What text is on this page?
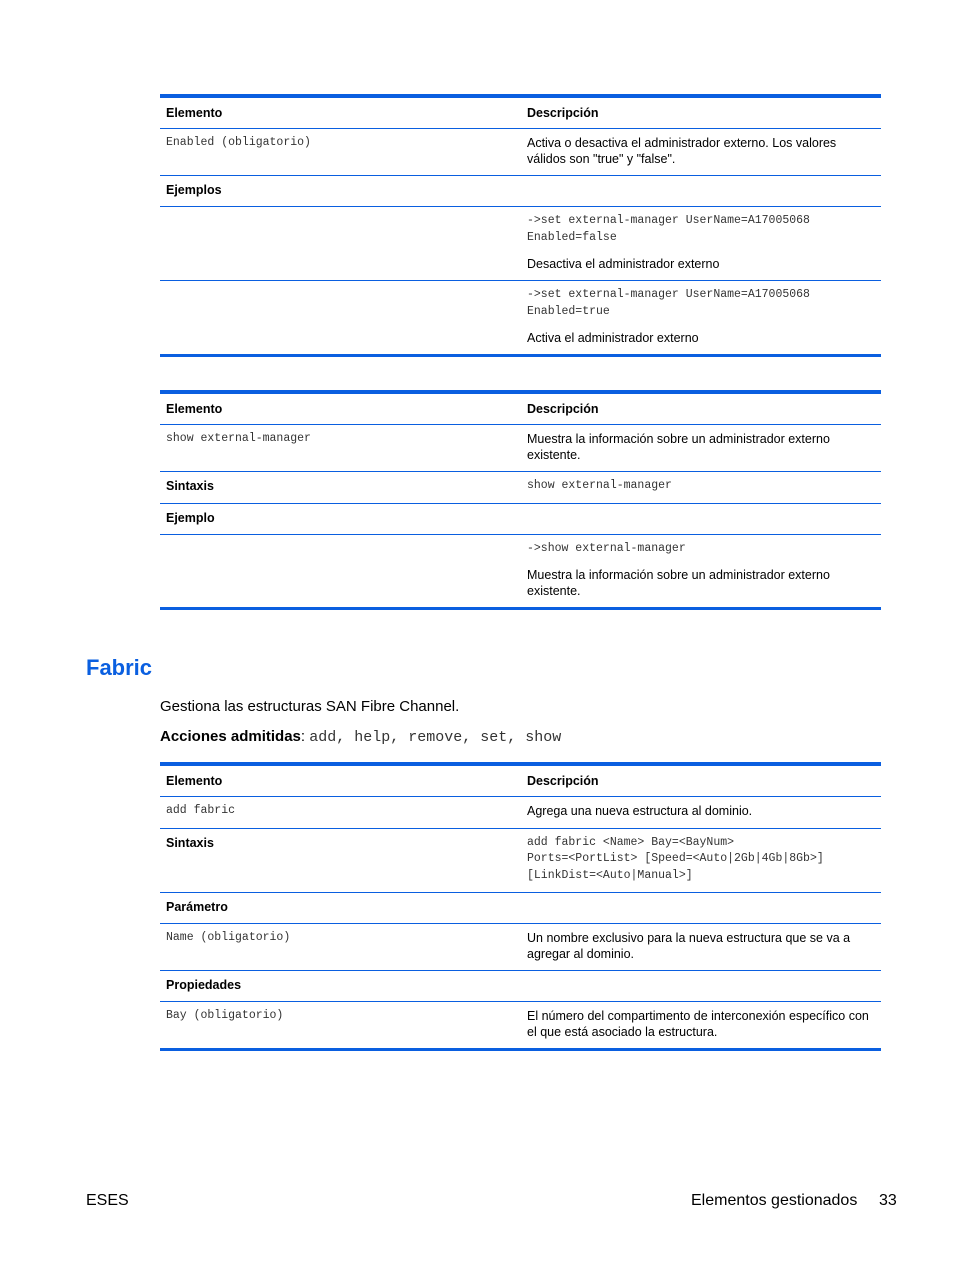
Elemento	Descripción
Enabled (obligatorio)	Activa o desactiva el administrador externo. Los valores válidos son "true" y "false".
Ejemplos
->set external-manager UserName=A17005068
Enabled=false
Desactiva el administrador externo
->set external-manager UserName=A17005068
Enabled=true
Activa el administrador externo
Elemento	Descripción
show external-manager	Muestra la información sobre un administrador externo existente.
Sintaxis	show external-manager
Ejemplo
->show external-manager
Muestra la información sobre un administrador externo existente.
Fabric
Gestiona las estructuras SAN Fibre Channel.
Acciones admitidas: add, help, remove, set, show
Elemento	Descripción
add fabric	Agrega una nueva estructura al dominio.
Sintaxis	add fabric <Name> Bay=<BayNum>
Ports=<PortList> [Speed=<Auto|2Gb|4Gb|8Gb>]
[LinkDist=<Auto|Manual>]
Parámetro
Name (obligatorio)	Un nombre exclusivo para la nueva estructura que se va a agregar al dominio.
Propiedades
Bay (obligatorio)	El número del compartimento de interconexión específico con el que está asociado la estructura.
ESES	Elementos gestionados 33
